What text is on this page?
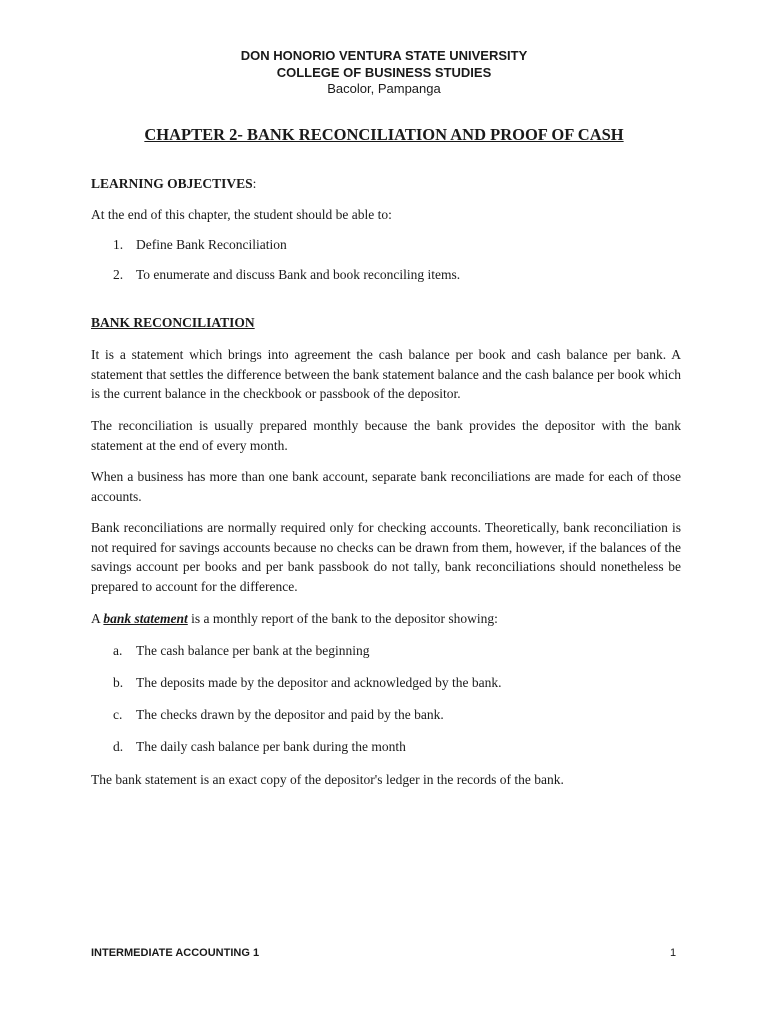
DON HONORIO VENTURA STATE UNIVERSITY
COLLEGE OF BUSINESS STUDIES
Bacolor, Pampanga
CHAPTER 2- BANK RECONCILIATION AND PROOF OF CASH
LEARNING OBJECTIVES:
At the end of this chapter, the student should be able to:
1. Define Bank Reconciliation
2. To enumerate and discuss Bank and book reconciling items.
BANK RECONCILIATION
It is a statement which brings into agreement the cash balance per book and cash balance per bank. A statement that settles the difference between the bank statement balance and the cash balance per book which is the current balance in the checkbook or passbook of the depositor.
The reconciliation is usually prepared monthly because the bank provides the depositor with the bank statement at the end of every month.
When a business has more than one bank account, separate bank reconciliations are made for each of those accounts.
Bank reconciliations are normally required only for checking accounts. Theoretically, bank reconciliation is not required for savings accounts because no checks can be drawn from them, however, if the balances of the savings account per books and per bank passbook do not tally, bank reconciliations should nonetheless be prepared to account for the difference.
A bank statement is a monthly report of the bank to the depositor showing:
a. The cash balance per bank at the beginning
b. The deposits made by the depositor and acknowledged by the bank.
c. The checks drawn by the depositor and paid by the bank.
d. The daily cash balance per bank during the month
The bank statement is an exact copy of the depositor's ledger in the records of the bank.
INTERMEDIATE ACCOUNTING 1	1
